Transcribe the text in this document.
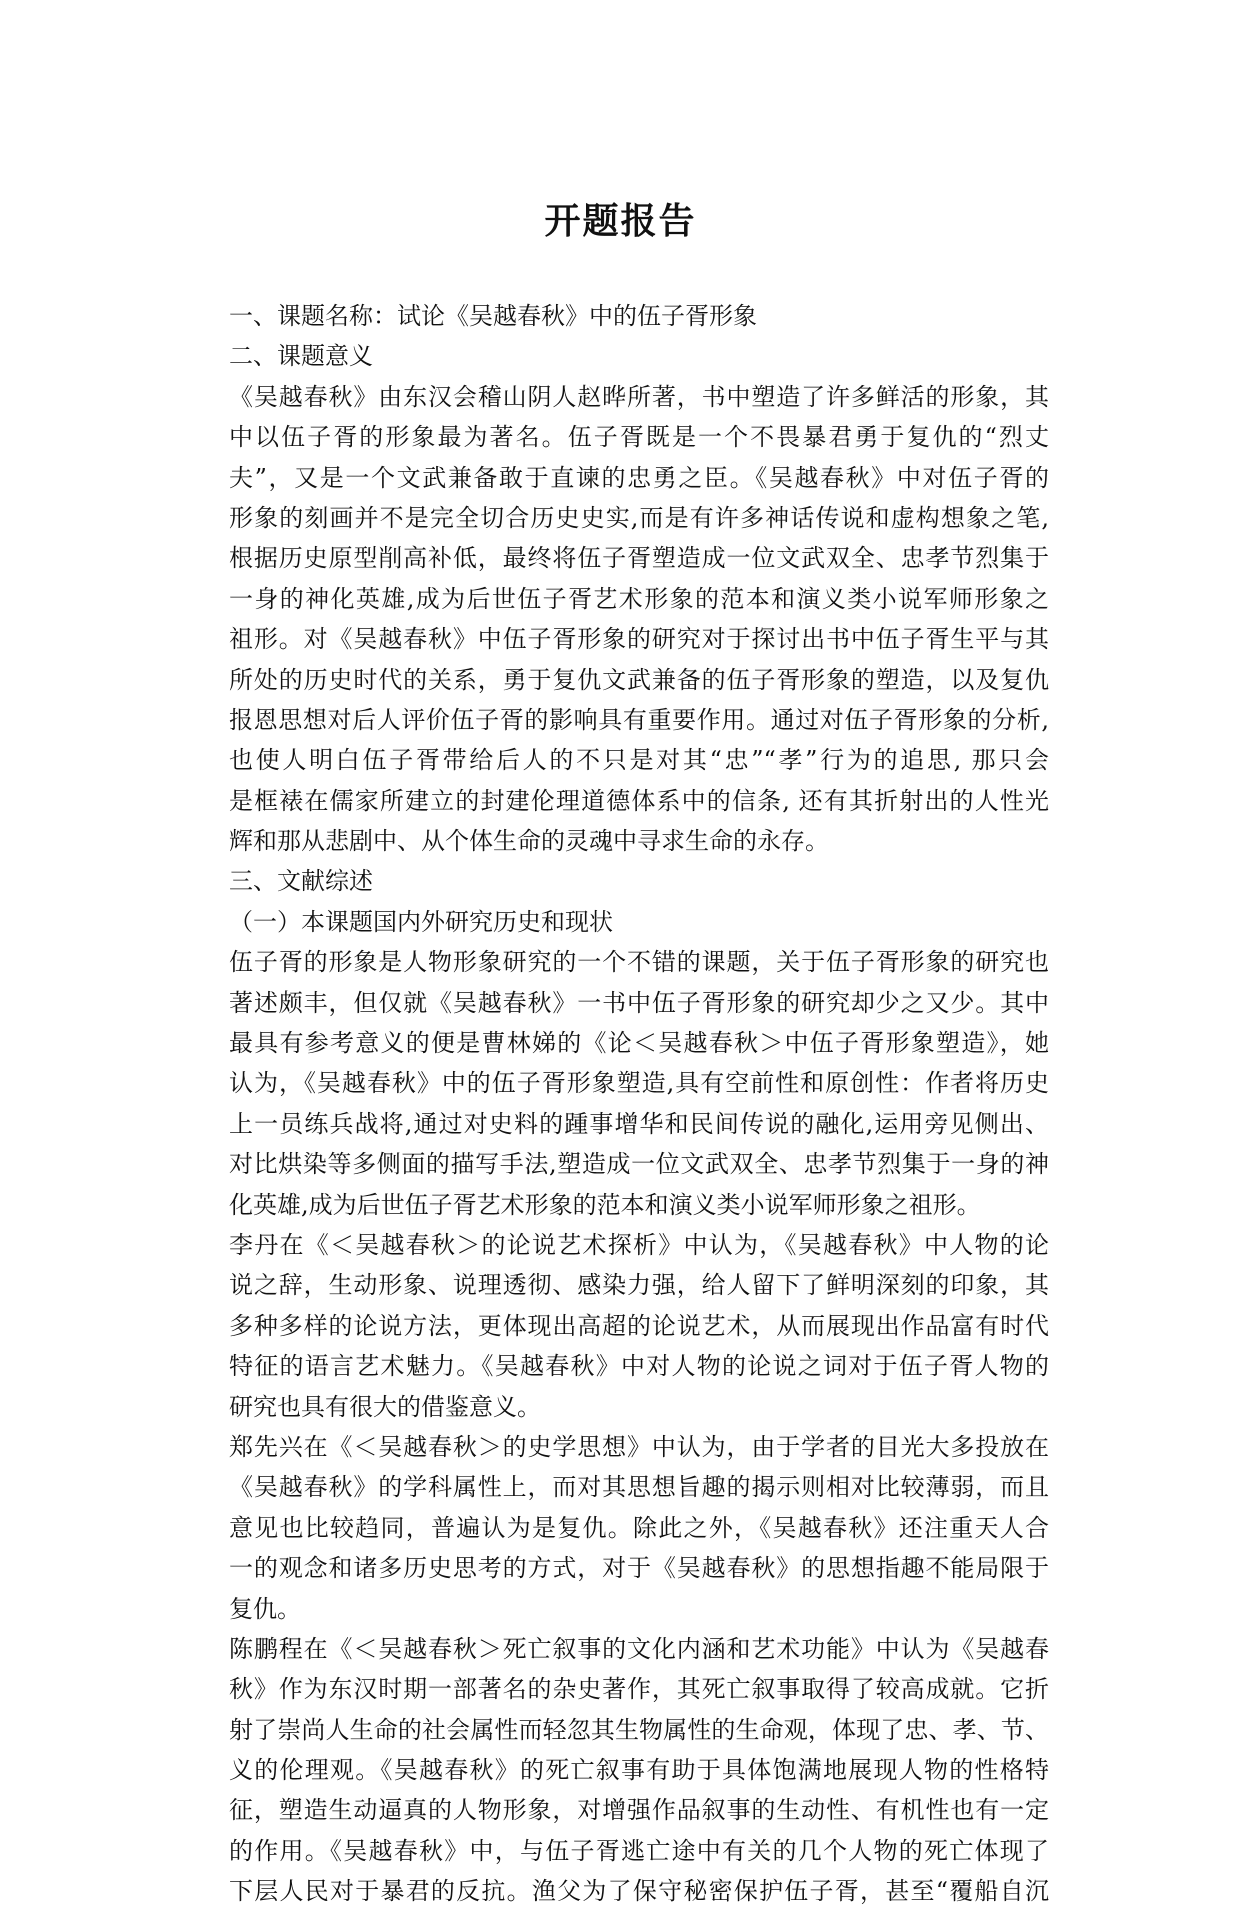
开题报告
一、课题名称：试论《吴越春秋》中的伍子胥形象
二、课题意义
《吴越春秋》由东汉会稽山阴人赵晔所著，书中塑造了许多鲜活的形象，其
中以伍子胥的形象最为著名。伍子胥既是一个不畏暴君勇于复仇的“烈丈
夫”，又是一个文武兼备敢于直谏的忠勇之臣。《吴越春秋》中对伍子胥的
形象的刻画并不是完全切合历史史实,而是有许多神话传说和虚构想象之笔,
根据历史原型削高补低，最终将伍子胥塑造成一位文武双全、忠孝节烈集于
一身的神化英雄,成为后世伍子胥艺术形象的范本和演义类小说军师形象之
祖形。对《吴越春秋》中伍子胥形象的研究对于探讨出书中伍子胥生平与其
所处的历史时代的关系，勇于复仇文武兼备的伍子胥形象的塑造，以及复仇
报恩思想对后人评价伍子胥的影响具有重要作用。通过对伍子胥形象的分析,
也使人明白伍子胥带给后人的不只是对其“忠”“孝”行为的追思, 那只会
是框裱在儒家所建立的封建伦理道德体系中的信条, 还有其折射出的人性光
辉和那从悲剧中、从个体生命的灵魂中寻求生命的永存。
三、文献综述
（一）本课题国内外研究历史和现状
伍子胥的形象是人物形象研究的一个不错的课题，关于伍子胥形象的研究也
著述颇丰，但仅就《吴越春秋》一书中伍子胥形象的研究却少之又少。其中
最具有参考意义的便是曹林娣的《论＜吴越春秋＞中伍子胥形象塑造》，她
认为，《吴越春秋》中的伍子胥形象塑造,具有空前性和原创性：作者将历史
上一员练兵战将,通过对史料的踵事增华和民间传说的融化,运用旁见侧出、
对比烘染等多侧面的描写手法,塑造成一位文武双全、忠孝节烈集于一身的神
化英雄,成为后世伍子胥艺术形象的范本和演义类小说军师形象之祖形。
李丹在《＜吴越春秋＞的论说艺术探析》中认为，《吴越春秋》中人物的论
说之辞，生动形象、说理透彻、感染力强，给人留下了鲜明深刻的印象，其
多种多样的论说方法，更体现出高超的论说艺术，从而展现出作品富有时代
特征的语言艺术魅力。《吴越春秋》中对人物的论说之词对于伍子胥人物的
研究也具有很大的借鉴意义。
郑先兴在《＜吴越春秋＞的史学思想》中认为，由于学者的目光大多投放在
《吴越春秋》的学科属性上，而对其思想旨趣的揭示则相对比较薄弱，而且
意见也比较趋同，普遍认为是复仇。除此之外，《吴越春秋》还注重天人合
一的观念和诸多历史思考的方式，对于《吴越春秋》的思想指趣不能局限于
复仇。
陈鹏程在《＜吴越春秋＞死亡叙事的文化内涵和艺术功能》中认为《吴越春
秋》作为东汉时期一部著名的杂史著作，其死亡叙事取得了较高成就。它折
射了崇尚人生命的社会属性而轻忽其生物属性的生命观，体现了忠、孝、节、
义的伦理观。《吴越春秋》的死亡叙事有助于具体饱满地展现人物的性格特
征，塑造生动逼真的人物形象，对增强作品叙事的生动性、有机性也有一定
的作用。《吴越春秋》中，与伍子胥逃亡途中有关的几个人物的死亡体现了
下层人民对于暴君的反抗。渔父为了保守秘密保护伍子胥，甚至“覆船自沉
